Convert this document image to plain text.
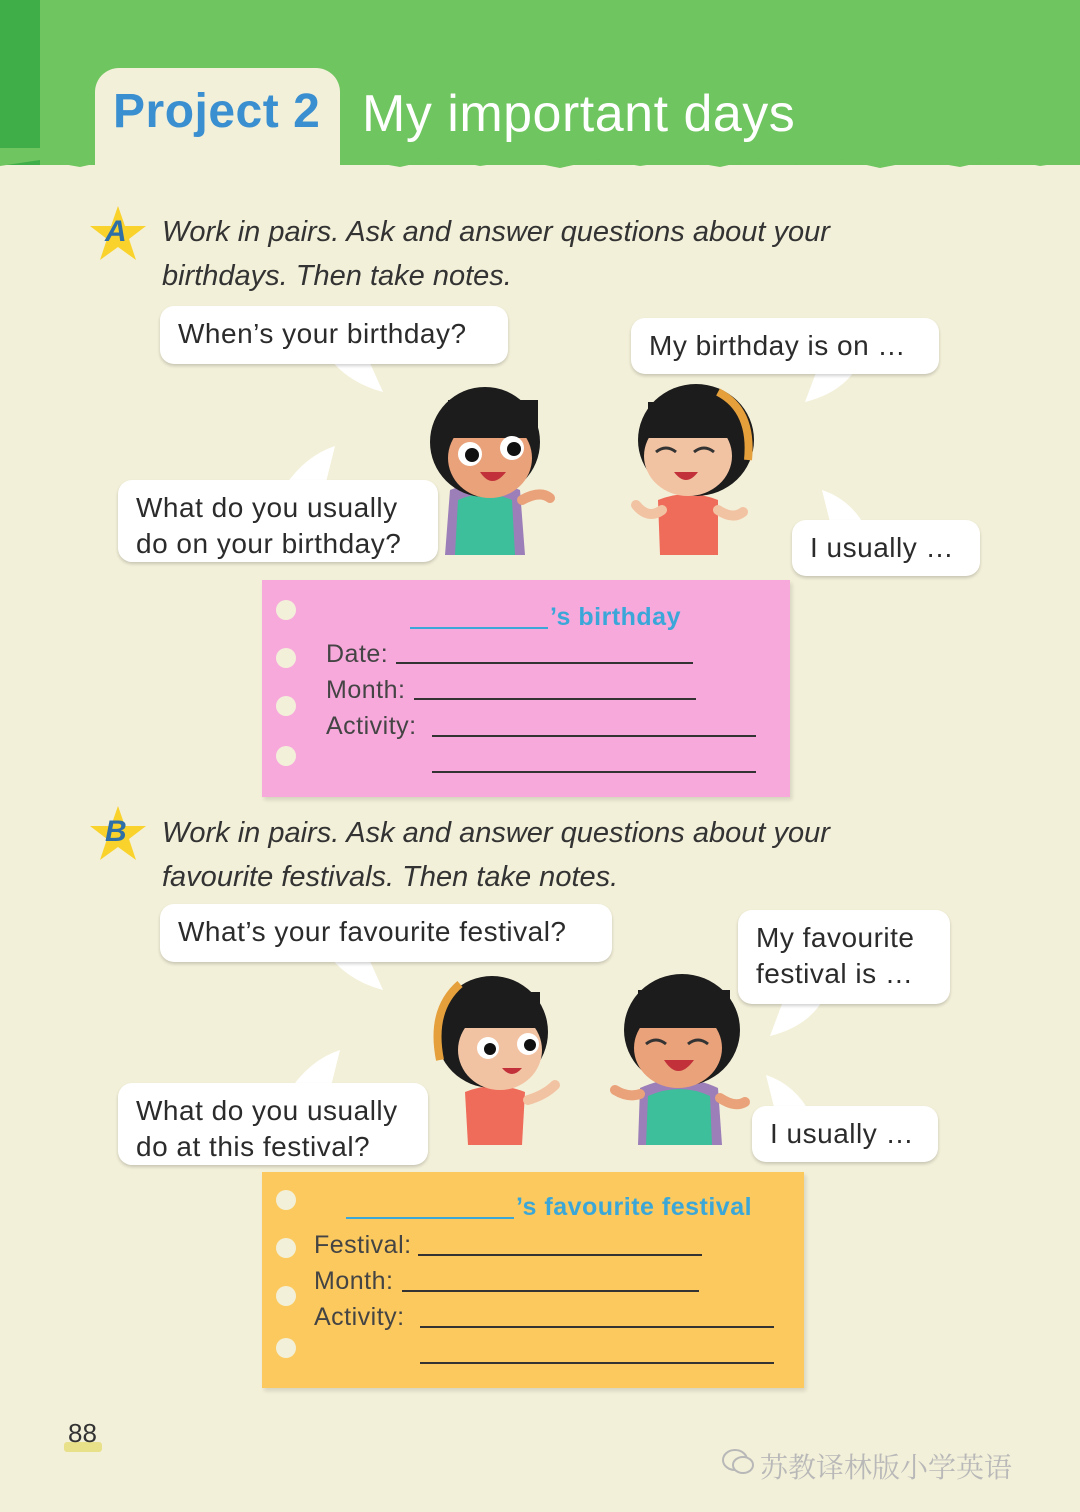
Project 2 My important days
A Work in pairs. Ask and answer questions about your
birthdays. Then take notes.
When’s your birthday?	My birthday is on …
What do you usually
do on your birthday?	I usually …
’s birthday
Date:
Month:
Activity:
B Work in pairs. Ask and answer questions about your
favourite festivals. Then take notes.
What’s your favourite festival?	My favourite
festival is …
What do you usually
do at this festival?	I usually …
’s favourite festival
Festival:
Month:
Activity:
88
苏教译林版小学英语
